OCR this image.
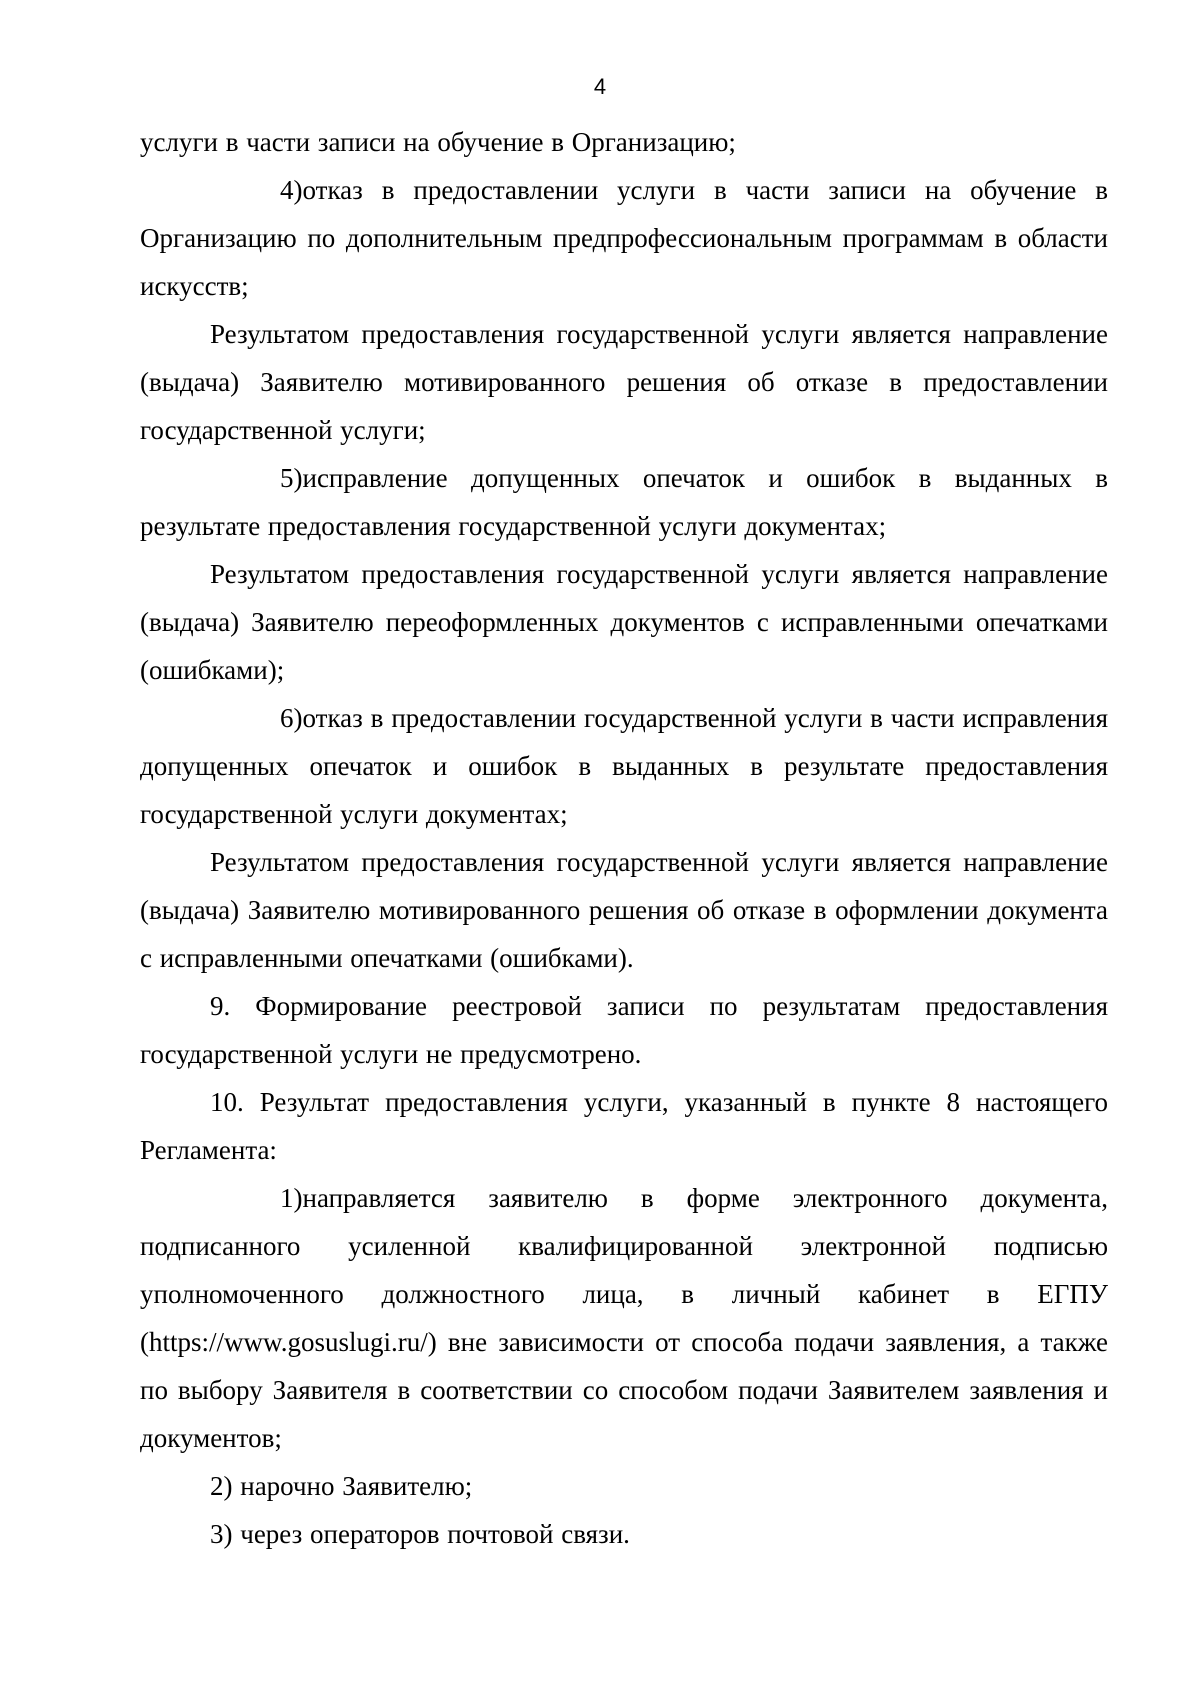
4

услуги в части записи на обучение в Организацию;

4)отказ в предоставлении услуги в части записи на обучение в Организацию по дополнительным предпрофессиональным программам в области искусств;

Результатом предоставления государственной услуги является направление (выдача) Заявителю мотивированного решения об отказе в предоставлении государственной услуги;

5)исправление допущенных опечаток и ошибок в выданных в результате предоставления государственной услуги документах;

Результатом предоставления государственной услуги является направление (выдача) Заявителю переоформленных документов с исправленными опечатками (ошибками);

6)отказ в предоставлении государственной услуги в части исправления допущенных опечаток и ошибок в выданных в результате предоставления государственной услуги документах;

Результатом предоставления государственной услуги является направление (выдача) Заявителю мотивированного решения об отказе в оформлении документа с исправленными опечатками (ошибками).

9. Формирование реестровой записи по результатам предоставления государственной услуги не предусмотрено.

10. Результат предоставления услуги, указанный в пункте 8 настоящего Регламента:

1)направляется заявителю в форме электронного документа, подписанного усиленной квалифицированной электронной подписью уполномоченного должностного лица, в личный кабинет в ЕГПУ (https://www.gosuslugi.ru/) вне зависимости от способа подачи заявления, а также по выбору Заявителя в соответствии со способом подачи Заявителем заявления и документов;

2) нарочно Заявителю;

3) через операторов почтовой связи.
